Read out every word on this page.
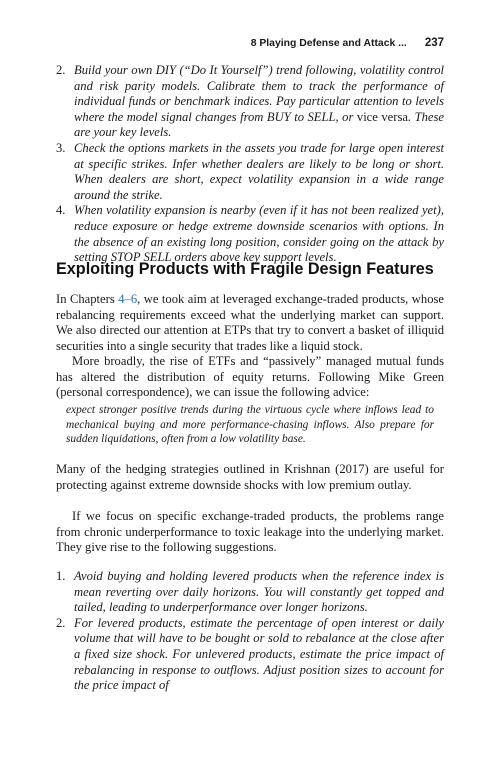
8 Playing Defense and Attack ... 237
2. Build your own DIY (“Do It Yourself”) trend following, volatility control and risk parity models. Calibrate them to track the performance of individual funds or benchmark indices. Pay particular attention to levels where the model signal changes from BUY to SELL, or vice versa. These are your key levels.
3. Check the options markets in the assets you trade for large open interest at specific strikes. Infer whether dealers are likely to be long or short. When dealers are short, expect volatility expansion in a wide range around the strike.
4. When volatility expansion is nearby (even if it has not been realized yet), reduce exposure or hedge extreme downside scenarios with options. In the absence of an existing long position, consider going on the attack by setting STOP SELL orders above key support levels.
Exploiting Products with Fragile Design Features

In Chapters 4–6, we took aim at leveraged exchange-traded products, whose rebalancing requirements exceed what the underlying market can support. We also directed our attention at ETPs that try to convert a basket of illiquid securities into a single security that trades like a liquid stock.

More broadly, the rise of ETFs and “passively” managed mutual funds has altered the distribution of equity returns. Following Mike Green (personal correspondence), we can issue the following advice:

expect stronger positive trends during the virtuous cycle where inflows lead to mechanical buying and more performance-chasing inflows. Also prepare for sudden liquidations, often from a low volatility base.

Many of the hedging strategies outlined in Krishnan (2017) are useful for protecting against extreme downside shocks with low premium outlay.

If we focus on specific exchange-traded products, the problems range from chronic underperformance to toxic leakage into the underlying market. They give rise to the following suggestions.

1. Avoid buying and holding levered products when the reference index is mean reverting over daily horizons. You will constantly get topped and tailed, leading to underperformance over longer horizons.
2. For levered products, estimate the percentage of open interest or daily volume that will have to be bought or sold to rebalance at the close after a fixed size shock. For unlevered products, estimate the price impact of rebalancing in response to outflows. Adjust position sizes to account for the price impact of
